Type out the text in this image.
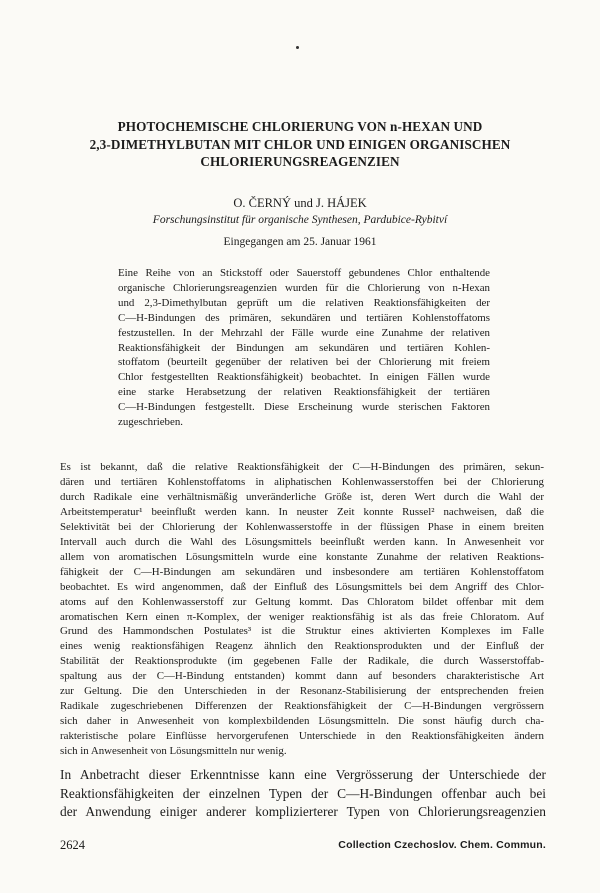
PHOTOCHEMISCHE CHLORIERUNG VON n-HEXAN UND
2,3-DIMETHYLBUTAN MIT CHLOR UND EINIGEN ORGANISCHEN
CHLORIERUNGSREAGENZIEN
O. ČERNÝ und J. HÁJEK
Forschungsinstitut für organische Synthesen, Pardubice-Rybitví
Eingegangen am 25. Januar 1961
Eine Reihe von an Stickstoff oder Sauerstoff gebundenes Chlor enthaltende
organische Chlorierungsreagenzien wurden für die Chlorierung von n-Hexan
und 2,3-Dimethylbutan geprüft um die relativen Reaktionsfähigkeiten der
C—H-Bindungen des primären, sekundären und tertiären Kohlenstoffatoms
festzustellen. In der Mehrzahl der Fälle wurde eine Zunahme der relativen
Reaktionsfähigkeit der Bindungen am sekundären und tertiären Kohlen-
stoffatom (beurteilt gegenüber der relativen bei der Chlorierung mit freiem
Chlor festgestellten Reaktionsfähigkeit) beobachtet. In einigen Fällen wurde
eine starke Herabsetzung der relativen Reaktionsfähigkeit der tertiären
C—H-Bindungen festgestellt. Diese Erscheinung wurde sterischen Faktoren
zugeschrieben.
Es ist bekannt, daß die relative Reaktionsfähigkeit der C—H-Bindungen des primären, sekun-
dären und tertiären Kohlenstoffatoms in aliphatischen Kohlenwasserstoffen bei der Chlorierung
durch Radikale eine verhältnismäßig unveränderliche Größe ist, deren Wert durch die Wahl der
Arbeitstemperatur¹ beeinflußt werden kann. In neuster Zeit konnte Russel² nachweisen, daß die
Selektivität bei der Chlorierung der Kohlenwasserstoffe in der flüssigen Phase in einem breiten
Intervall auch durch die Wahl des Lösungsmittels beeinflußt werden kann. In Anwesenheit vor
allem von aromatischen Lösungsmitteln wurde eine konstante Zunahme der relativen Reaktions-
fähigkeit der C—H-Bindungen am sekundären und insbesondere am tertiären Kohlenstoffatom
beobachtet. Es wird angenommen, daß der Einfluß des Lösungsmittels bei dem Angriff des Chlor-
atoms auf den Kohlenwasserstoff zur Geltung kommt. Das Chloratom bildet offenbar mit dem
aromatischen Kern einen π-Komplex, der weniger reaktionsfähig ist als das freie Chloratom. Auf
Grund des Hammondschen Postulates³ ist die Struktur eines aktivierten Komplexes im Falle
eines wenig reaktionsfähigen Reagenz ähnlich den Reaktionsprodukten und der Einfluß der
Stabilität der Reaktionsprodukte (im gegebenen Falle der Radikale, die durch Wasserstoffab-
spaltung aus der C—H-Bindung entstanden) kommt dann auf besonders charakteristische Art
zur Geltung. Die den Unterschieden in der Resonanz-Stabilisierung der entsprechenden freien
Radikale zugeschriebenen Differenzen der Reaktionsfähigkeit der C—H-Bindungen vergrössern
sich daher in Anwesenheit von komplexbildenden Lösungsmitteln. Die sonst häufig durch cha-
rakteristische polare Einflüsse hervorgerufenen Unterschiede in den Reaktionsfähigkeiten ändern
sich in Anwesenheit von Lösungsmitteln nur wenig.
In Anbetracht dieser Erkenntnisse kann eine Vergrösserung der Unterschiede der
Reaktionsfähigkeiten der einzelnen Typen der C—H-Bindungen offenbar auch bei
der Anwendung einiger anderer komplizierterer Typen von Chlorierungsreagenzien
2624	Collection Czechoslov. Chem. Commun.
